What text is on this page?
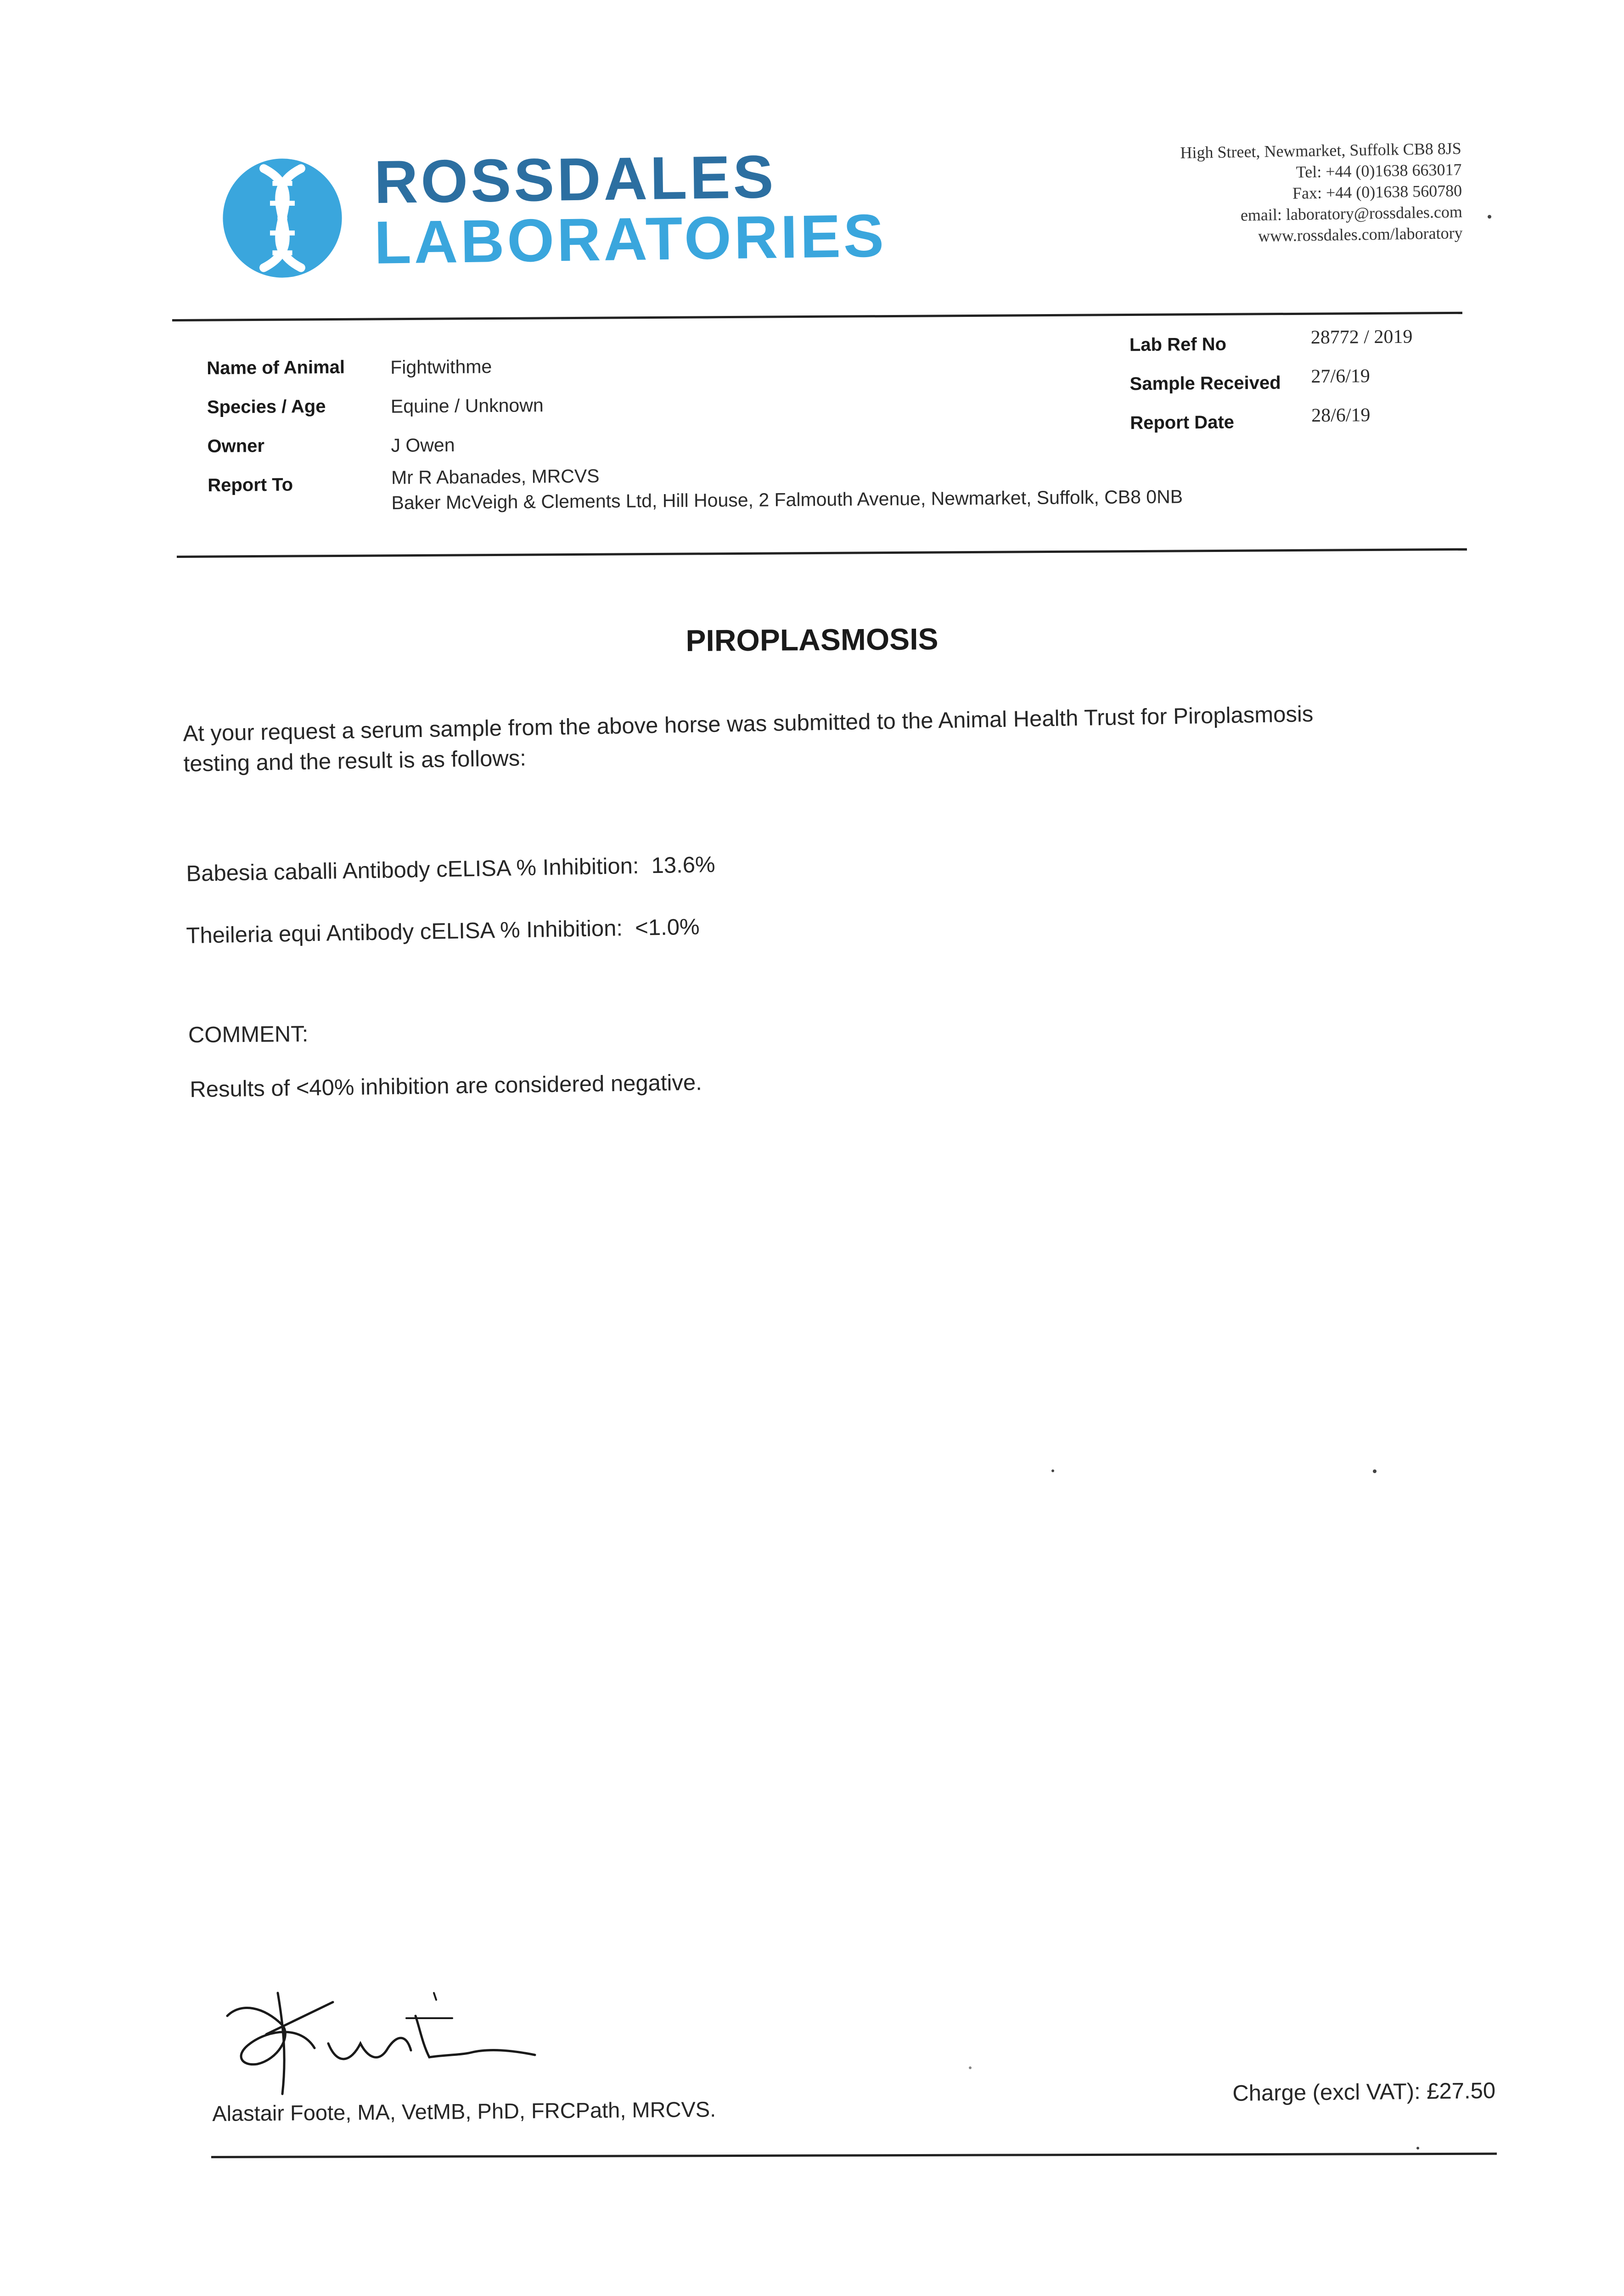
ROSSDALES
LABORATORIES
High Street, Newmarket, Suffolk CB8 8JS
Tel: +44 (0)1638 663017
Fax: +44 (0)1638 560780
email: laboratory@rossdales.com
www.rossdales.com/laboratory
Name of Animal
Species / Age
Owner
Report To
Fightwithme
Equine / Unknown
J Owen
Mr R Abanades, MRCVS
Baker McVeigh & Clements Ltd, Hill House, 2 Falmouth Avenue, Newmarket, Suffolk, CB8 0NB
Lab Ref No
Sample Received
Report Date
28772 / 2019
27/6/19
28/6/19
PIROPLASMOSIS
At your request a serum sample from the above horse was submitted to the Animal Health Trust for Piroplasmosis
testing and the result is as follows:
Babesia caballi Antibody cELISA % Inhibition: 13.6%
Theileria equi Antibody cELISA % Inhibition: <1.0%
COMMENT:
Results of <40% inhibition are considered negative.
Alastair Foote, MA, VetMB, PhD, FRCPath, MRCVS.
Charge (excl VAT): £27.50
